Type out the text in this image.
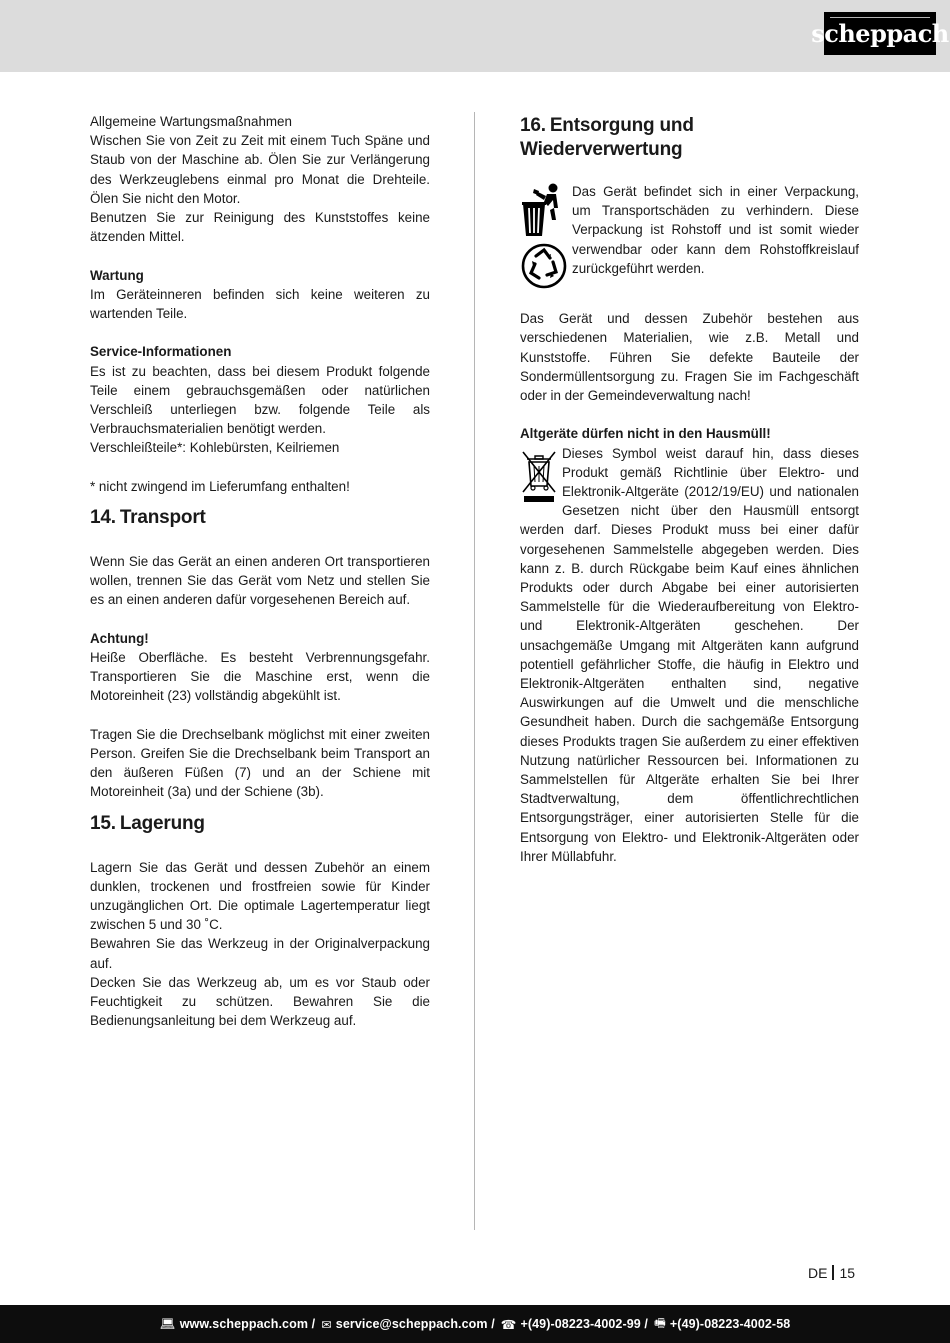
scheppach
Allgemeine Wartungsmaßnahmen
Wischen Sie von Zeit zu Zeit mit einem Tuch Späne und Staub von der Maschine ab. Ölen Sie zur Verlängerung des Werkzeuglebens einmal pro Monat die Drehteile. Ölen Sie nicht den Motor.
Benutzen Sie zur Reinigung des Kunststoffes keine ätzenden Mittel.
Wartung
Im Geräteinneren befinden sich keine weiteren zu wartenden Teile.
Service-Informationen
Es ist zu beachten, dass bei diesem Produkt folgende Teile einem gebrauchsgemäßen oder natürlichen Verschleiß unterliegen bzw. folgende Teile als Verbrauchsmaterialien benötigt werden.
Verschleißteile*: Kohlebürsten, Keilriemen
* nicht zwingend im Lieferumfang enthalten!
14. Transport
Wenn Sie das Gerät an einen anderen Ort transportieren wollen, trennen Sie das Gerät vom Netz und stellen Sie es an einen anderen dafür vorgesehenen Bereich auf.
Achtung!
Heiße Oberfläche. Es besteht Verbrennungsgefahr. Transportieren Sie die Maschine erst, wenn die Motoreinheit (23) vollständig abgekühlt ist.
Tragen Sie die Drechselbank möglichst mit einer zweiten Person. Greifen Sie die Drechselbank beim Transport an den äußeren Füßen (7) und an der Schiene mit Motoreinheit (3a) und der Schiene (3b).
15. Lagerung
Lagern Sie das Gerät und dessen Zubehör an einem dunklen, trockenen und frostfreien sowie für Kinder unzugänglichen Ort. Die optimale Lagertemperatur liegt zwischen 5 und 30 ˚C.
Bewahren Sie das Werkzeug in der Originalverpackung auf.
Decken Sie das Werkzeug ab, um es vor Staub oder Feuchtigkeit zu schützen. Bewahren Sie die Bedienungsanleitung bei dem Werkzeug auf.
16. Entsorgung und Wiederverwertung
Das Gerät befindet sich in einer Verpackung, um Transportschäden zu verhindern. Diese Verpackung ist Rohstoff und ist somit wieder verwendbar oder kann dem Rohstoffkreislauf zurückgeführt werden.
Das Gerät und dessen Zubehör bestehen aus verschiedenen Materialien, wie z.B. Metall und Kunststoffe. Führen Sie defekte Bauteile der Sondermüllentsorgung zu. Fragen Sie im Fachgeschäft oder in der Gemeindeverwaltung nach!
Altgeräte dürfen nicht in den Hausmüll!
Dieses Symbol weist darauf hin, dass dieses Produkt gemäß Richtlinie über Elektro- und Elektronik-Altgeräte (2012/19/EU) und nationalen Gesetzen nicht über den Hausmüll entsorgt werden darf. Dieses Produkt muss bei einer dafür vorgesehenen Sammelstelle abgegeben werden. Dies kann z. B. durch Rückgabe beim Kauf eines ähnlichen Produkts oder durch Abgabe bei einer autorisierten Sammelstelle für die Wiederaufbereitung von Elektro- und Elektronik-Altgeräten geschehen. Der unsachgemäße Umgang mit Altgeräten kann aufgrund potentiell gefährlicher Stoffe, die häufig in Elektro und Elektronik-Altgeräten enthalten sind, negative Auswirkungen auf die Umwelt und die menschliche Gesundheit haben. Durch die sachgemäße Entsorgung dieses Produkts tragen Sie außerdem zu einer effektiven Nutzung natürlicher Ressourcen bei. Informationen zu Sammelstellen für Altgeräte erhalten Sie bei Ihrer Stadtverwaltung, dem öffentlichrechtlichen Entsorgungsträger, einer autorisierten Stelle für die Entsorgung von Elektro- und Elektronik-Altgeräten oder Ihrer Müllabfuhr.
DE 15
💻︎ www.scheppach.com / ✉︎ service@scheppach.com / ☎︎ +(49)-08223-4002-99 / 🖷︎ +(49)-08223-4002-58
